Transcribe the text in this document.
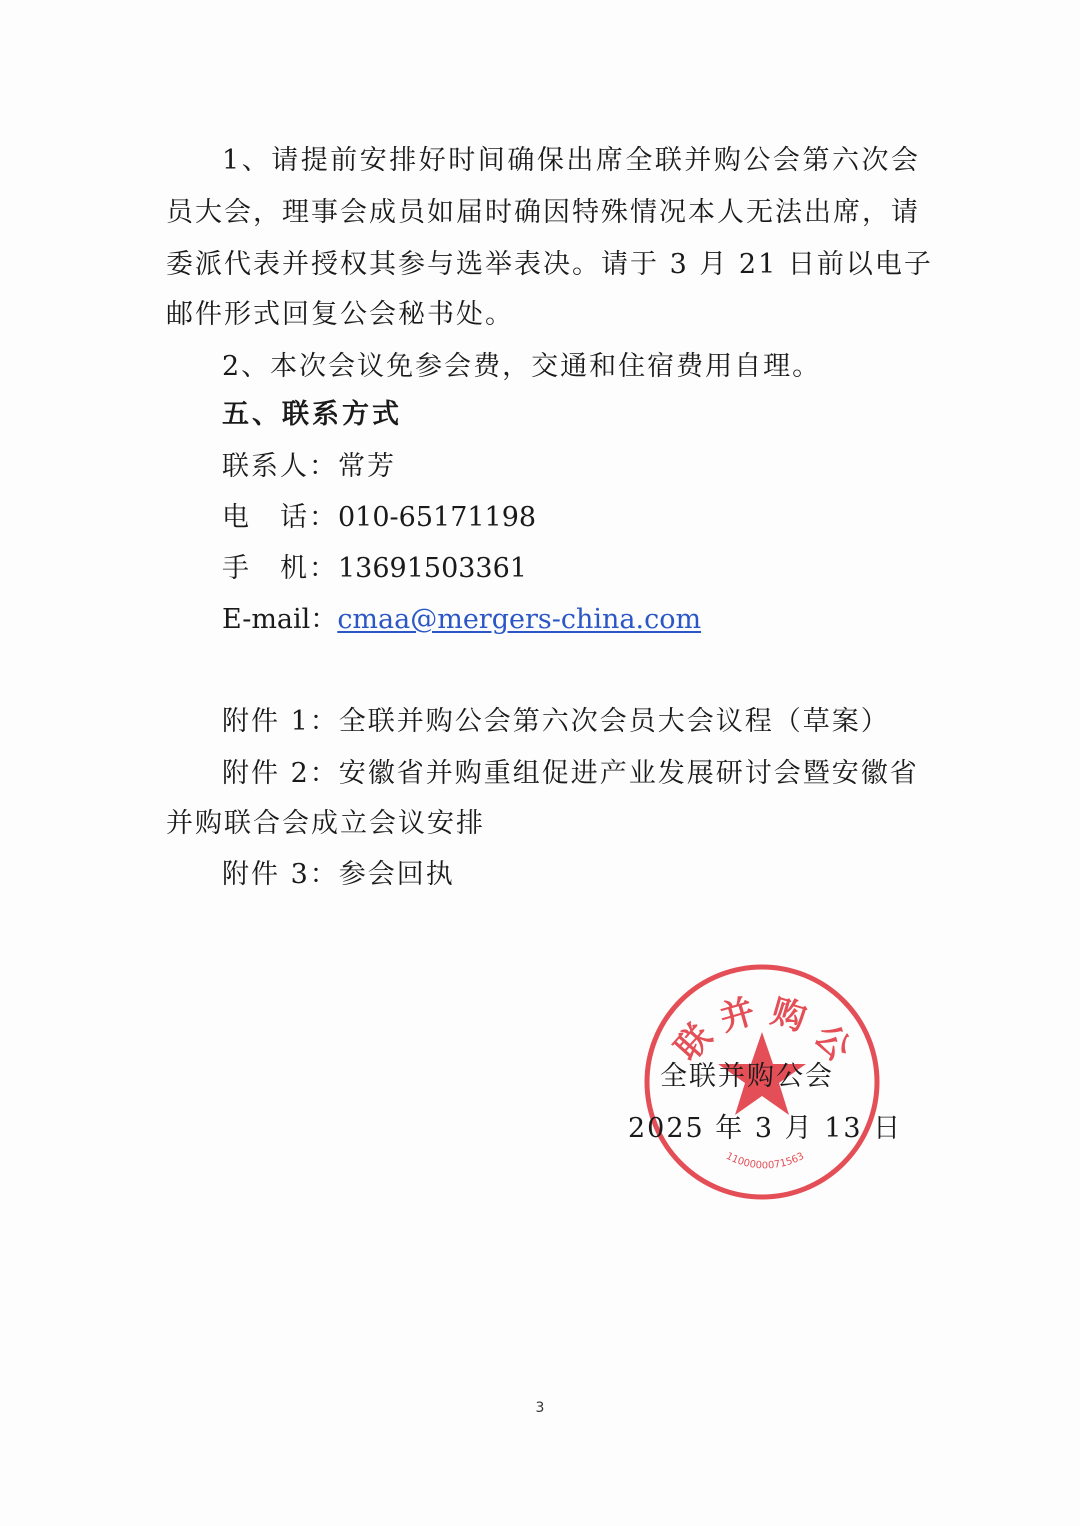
1、请提前安排好时间确保出席全联并购公会第六次会
员大会，理事会成员如届时确因特殊情况本人无法出席，请
委派代表并授权其参与选举表决。请于 3 月 21 日前以电子
邮件形式回复公会秘书处。
2、本次会议免参会费，交通和住宿费用自理。
五、联系方式
联系人：常芳
电　话：010-65171198
手　机：13691503361
E-mail：cmaa@mergers-china.com
附件 1：全联并购公会第六次会员大会议程（草案）
附件 2：安徽省并购重组促进产业发展研讨会暨安徽省
并购联合会成立会议安排
附件 3：参会回执
联 并 购 公
1100000071563
全联并购公会
2025 年 3 月 13 日
3
